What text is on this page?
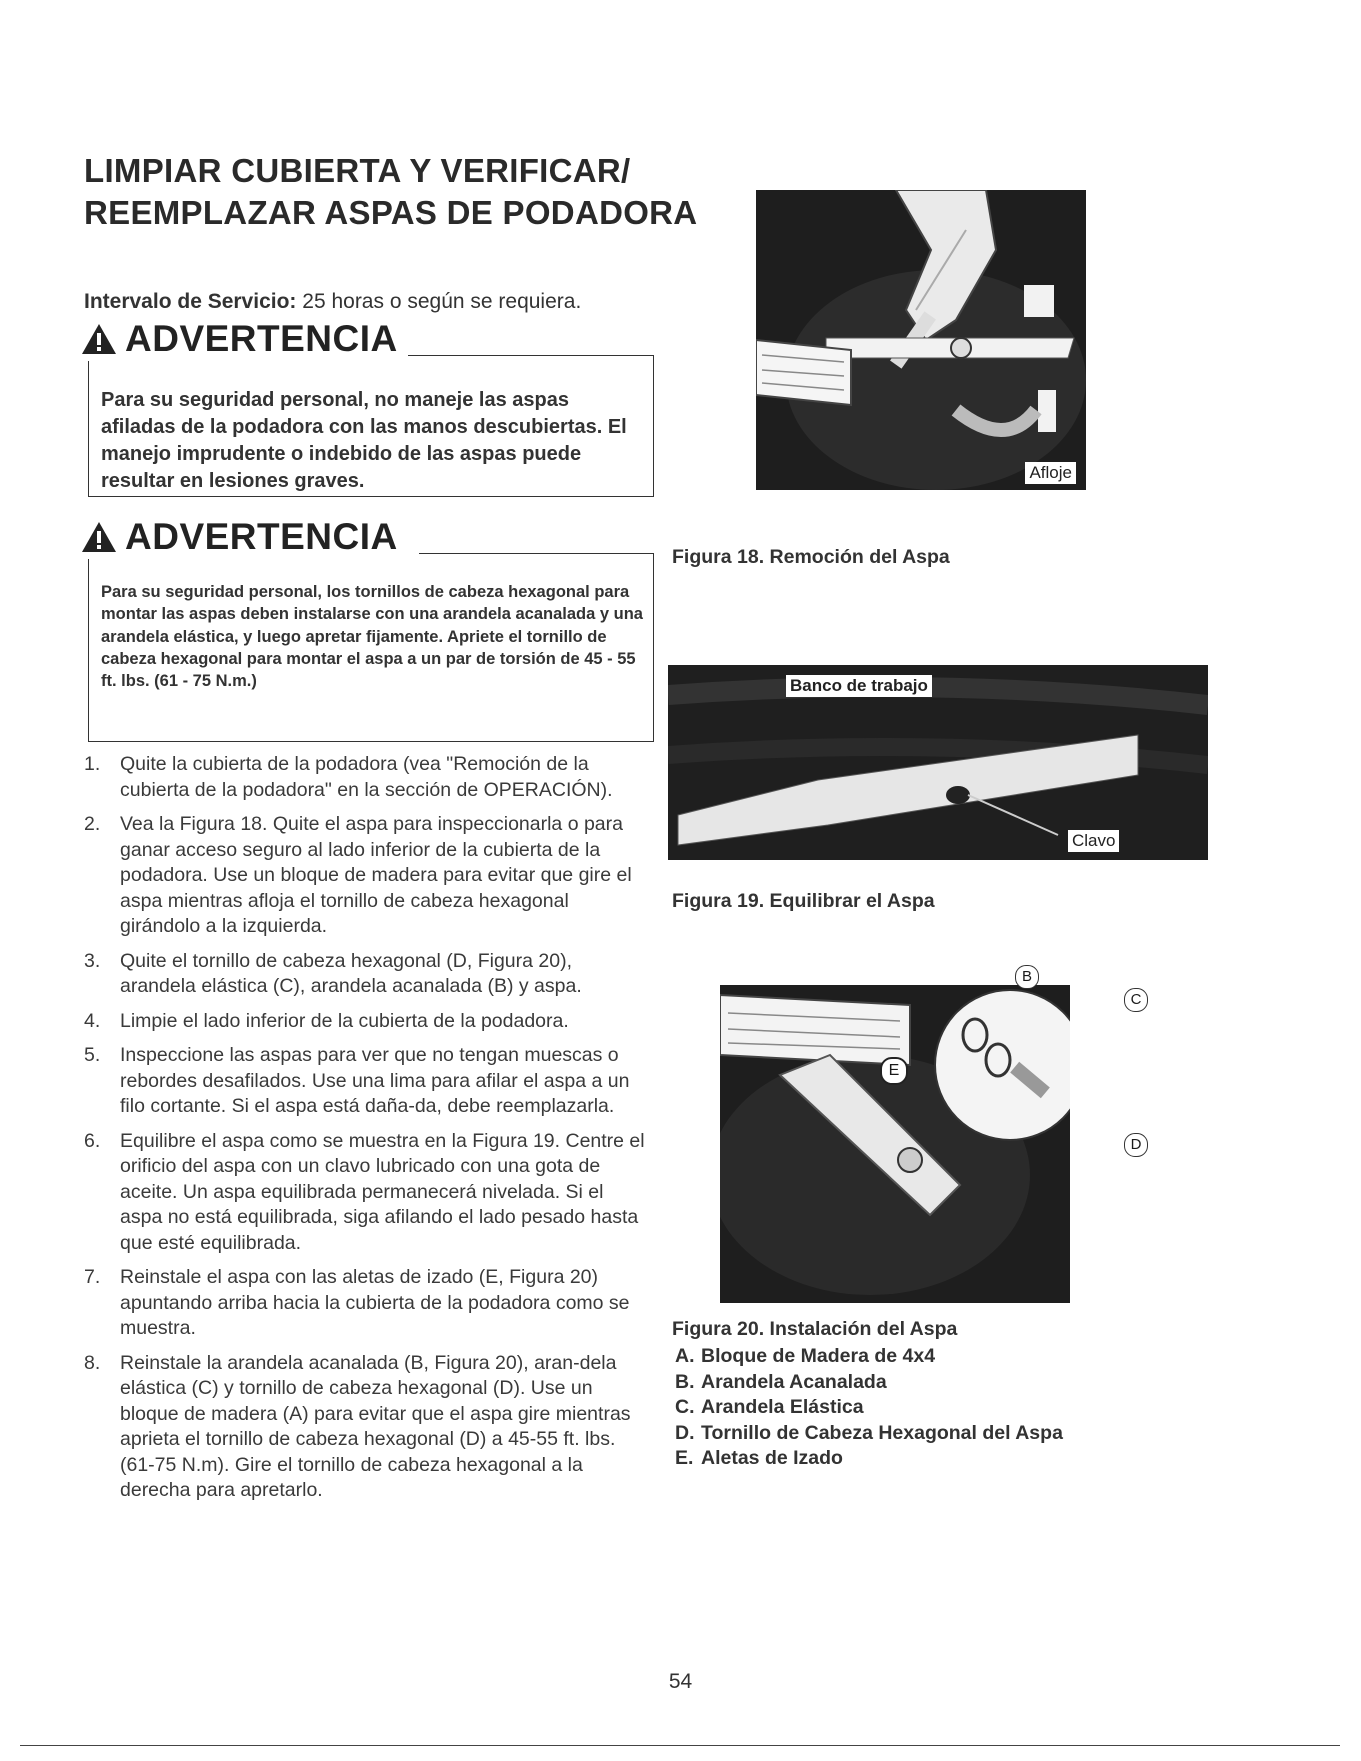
LIMPIAR CUBIERTA Y VERIFICAR/
REEMPLAZAR ASPAS DE PODADORA
Intervalo de Servicio: 25 horas o según se requiera.
ADVERTENCIA
Para su seguridad personal, no maneje las aspas afiladas de la podadora con las manos descubiertas. El manejo imprudente o indebido de las aspas puede resultar en lesiones graves.
ADVERTENCIA
Para su seguridad personal, los tornillos de cabeza hexagonal para montar las aspas deben instalarse con una arandela acanalada y una arandela elástica, y luego apretar fijamente. Apriete el tornillo de cabeza hexagonal para montar el aspa a un par de torsión de 45 - 55 ft. lbs. (61 - 75 N.m.)
1. Quite la cubierta de la podadora (vea "Remoción de la cubierta de la podadora" en la sección de OPERACIÓN).
2. Vea la Figura 18. Quite el aspa para inspeccionarla o para ganar acceso seguro al lado inferior de la cubierta de la podadora. Use un bloque de madera para evitar que gire el aspa mientras afloja el tornillo de cabeza hexagonal girándolo a la izquierda.
3. Quite el tornillo de cabeza hexagonal (D, Figura 20), arandela elástica (C), arandela acanalada (B) y aspa.
4. Limpie el lado inferior de la cubierta de la podadora.
5. Inspeccione las aspas para ver que no tengan muescas o rebordes desafilados. Use una lima para afilar el aspa a un filo cortante. Si el aspa está daña-da, debe reemplazarla.
6. Equilibre el aspa como se muestra en la Figura 19. Centre el orificio del aspa con un clavo lubricado con una gota de aceite. Un aspa equilibrada permanecerá nivelada. Si el aspa no está equilibrada, siga afilando el lado pesado hasta que esté equilibrada.
7. Reinstale el aspa con las aletas de izado (E, Figura 20) apuntando arriba hacia la cubierta de la podadora como se muestra.
8. Reinstale la arandela acanalada (B, Figura 20), aran-dela elástica (C) y tornillo de cabeza hexagonal (D). Use un bloque de madera (A) para evitar que el aspa gire mientras aprieta el tornillo de cabeza hexagonal (D) a 45-55 ft. lbs. (61-75 N.m). Gire el tornillo de cabeza hexagonal a la derecha para apretarlo.
Afloje
Figura 18. Remoción del Aspa
Banco de trabajo
Clavo
Figura 19. Equilibrar el Aspa
E
B
C
D
Figura 20. Instalación del Aspa
A. Bloque de Madera de 4x4
B. Arandela Acanalada
C. Arandela Elástica
D. Tornillo de Cabeza Hexagonal del Aspa
E. Aletas de Izado
54
